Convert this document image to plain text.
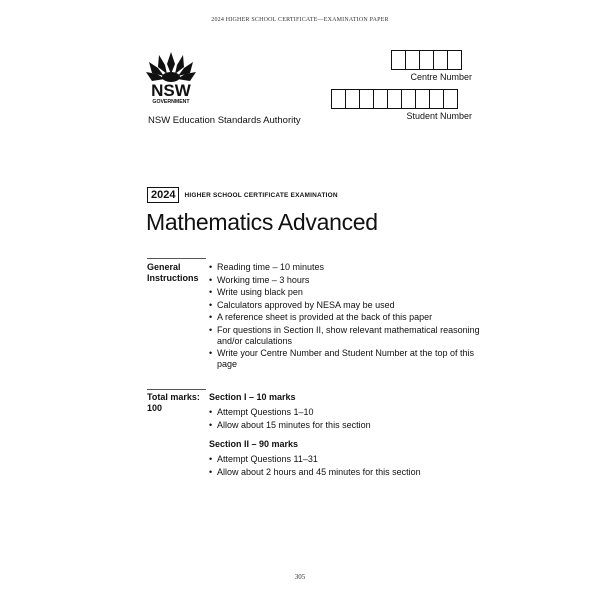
2024 HIGHER SCHOOL CERTIFICATE—EXAMINATION PAPER
NSW
GOVERNMENT
NSW Education Standards Authority
Centre Number
Student Number
2024	HIGHER SCHOOL CERTIFICATE EXAMINATION
Mathematics Advanced
General Instructions
• Reading time – 10 minutes
• Working time – 3 hours
• Write using black pen
• Calculators approved by NESA may be used
• A reference sheet is provided at the back of this paper
• For questions in Section II, show relevant mathematical reasoning and/or calculations
• Write your Centre Number and Student Number at the top of this page
Total marks:
100
Section I – 10 marks
• Attempt Questions 1–10
• Allow about 15 minutes for this section
Section II – 90 marks
• Attempt Questions 11–31
• Allow about 2 hours and 45 minutes for this section
305
